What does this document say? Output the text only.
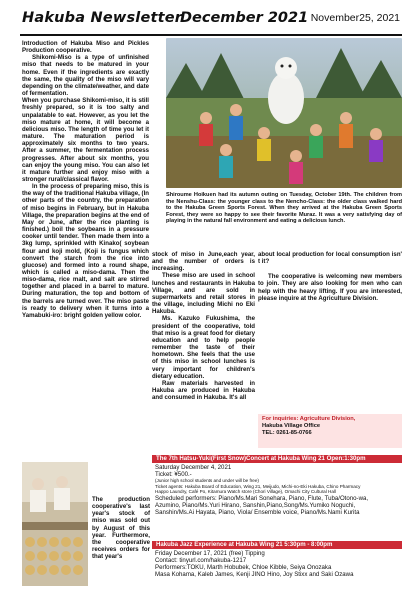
Hakuba Newsletter
December 2021 November25, 2021

Introduction of Hakuba Miso and Pickles Production cooperative.

Shikomi-Miso is a type of unfinished miso that needs to be matured in your home. Even if the ingredients are exactly the same, the quality of the miso will vary depending on the climate/weather, and date of fermentation.

When you purchase Shikomi-miso, it is still freshly prepared, so it is too salty and unpalatable to eat. However, as you let the miso mature at home, it will become a delicious miso. The length of time you let it mature. The maturation period is approximately six months to two years. After a summer, the fermentation process progresses. After about six months, you can enjoy the young miso. You can also let it mature further and enjoy miso with a stronger rural/classical flavor.

In the process of preparing miso, this is the way of the traditional Hakuba village, (In other parts of the country, the preparation of miso begins in February, but in Hakuba Village, the preparation begins at the end of May or June, after the rice planting is finished.) boil the soybeans in a pressure cooker until tender. Then made them into a 3kg lump, sprinkled with Kinako( soybean flour and koji mold, (Koji is fungus which convert the starch from the rice into glucose) and formed into a round shape, which is called a miso-dama. Then the miso-dama, rice malt, and salt are stirred together and placed in a barrel to mature. During maturation, the top and bottom of the barrels are turned over. The miso paste is ready to delivery when it turns into a Yamabuki-iro: bright golden yellow color.

Shiroume Hoikuen had its autumn outing on Tuesday, October 19th. The children from the Nenshu-Class: the younger class to the Nencho-Class: the older class walked hard to the Hakuba Green Sports Forest. When they arrived at the Hakuba Green Sports Forest, they were so happy to see their favorite Muraz. It was a very satisfying day of playing in the natural fall environment and eating a delicious lunch.

stock of miso in June,each year, and the number of orders is increasing.

These miso are used in school lunches and restaurants in Hakuba Village, and are sold in supermarkets and retail stores in the village, including Michi no Eki Hakuba.

Ms. Kazuko Fukushima, the president of the cooperative, told that miso is a great food for dietary education and to help people remember the taste of their hometown. She feels that the use of this miso in school lunches is very important for children's dietary education.

Raw materials harvested in Hakuba are produced in Hakuba and consumed in Hakuba. It's all

about local production for local consumption isn' t it?

The cooperative is welcoming new members to join. They are also looking for men who can help with the heavy lifting. If you are interested, please inquire at the Agriculture Division.

For inquiries: Agriculture Division,
Hakuba Village Office
TEL: 0261-85-0766
The production cooperative's last year's stock of miso was sold out by August of this year. Furthermore, the cooperative receives orders for that year's
The 7th Hatsu-Yuki(First Snow)Concert at Hakuba Wing 21 Open:1:30pm
Saturday December 4, 2021
Ticket: ¥500.-
(Junior high school students and under will be free)
Ticket agents: Hakuba Board of Education, Wing 21, Meijudo, Michi-no-Eki Hakuba, Chino Pharmacy
Happo Laundry, Café Po, Kitamura Watch store (Chori Village), Omachi City Cultural Hall
Scheduled performers: Piano/Ms.Mari Sonehara, Piano, Flute, Tuba/Otono-wa,
Azumino, Piano/Ms.Yuri Hirano, Sanshin,Piano,Song/Ms.Yumiko Noguchi,
Sanshin/Ms.Ai Hayata, Piano, Viola/ Ensemble voice, Piano/Ms.Nami Kurita
Hakuba Jazz Experience at Hakuba Wing 21 5:30pm - 8:00pm
Friday December 17, 2021 (free) Tipping
Contact: tinyurl.com/hakuba-1217
Performers:TOKU, Marth Hobubek, Chloe Kibble, Seiya Onozaka
Masa Kohama, Kaleb James, Kenji JINO Hino, Joy Stixx and Saki Ozawa
